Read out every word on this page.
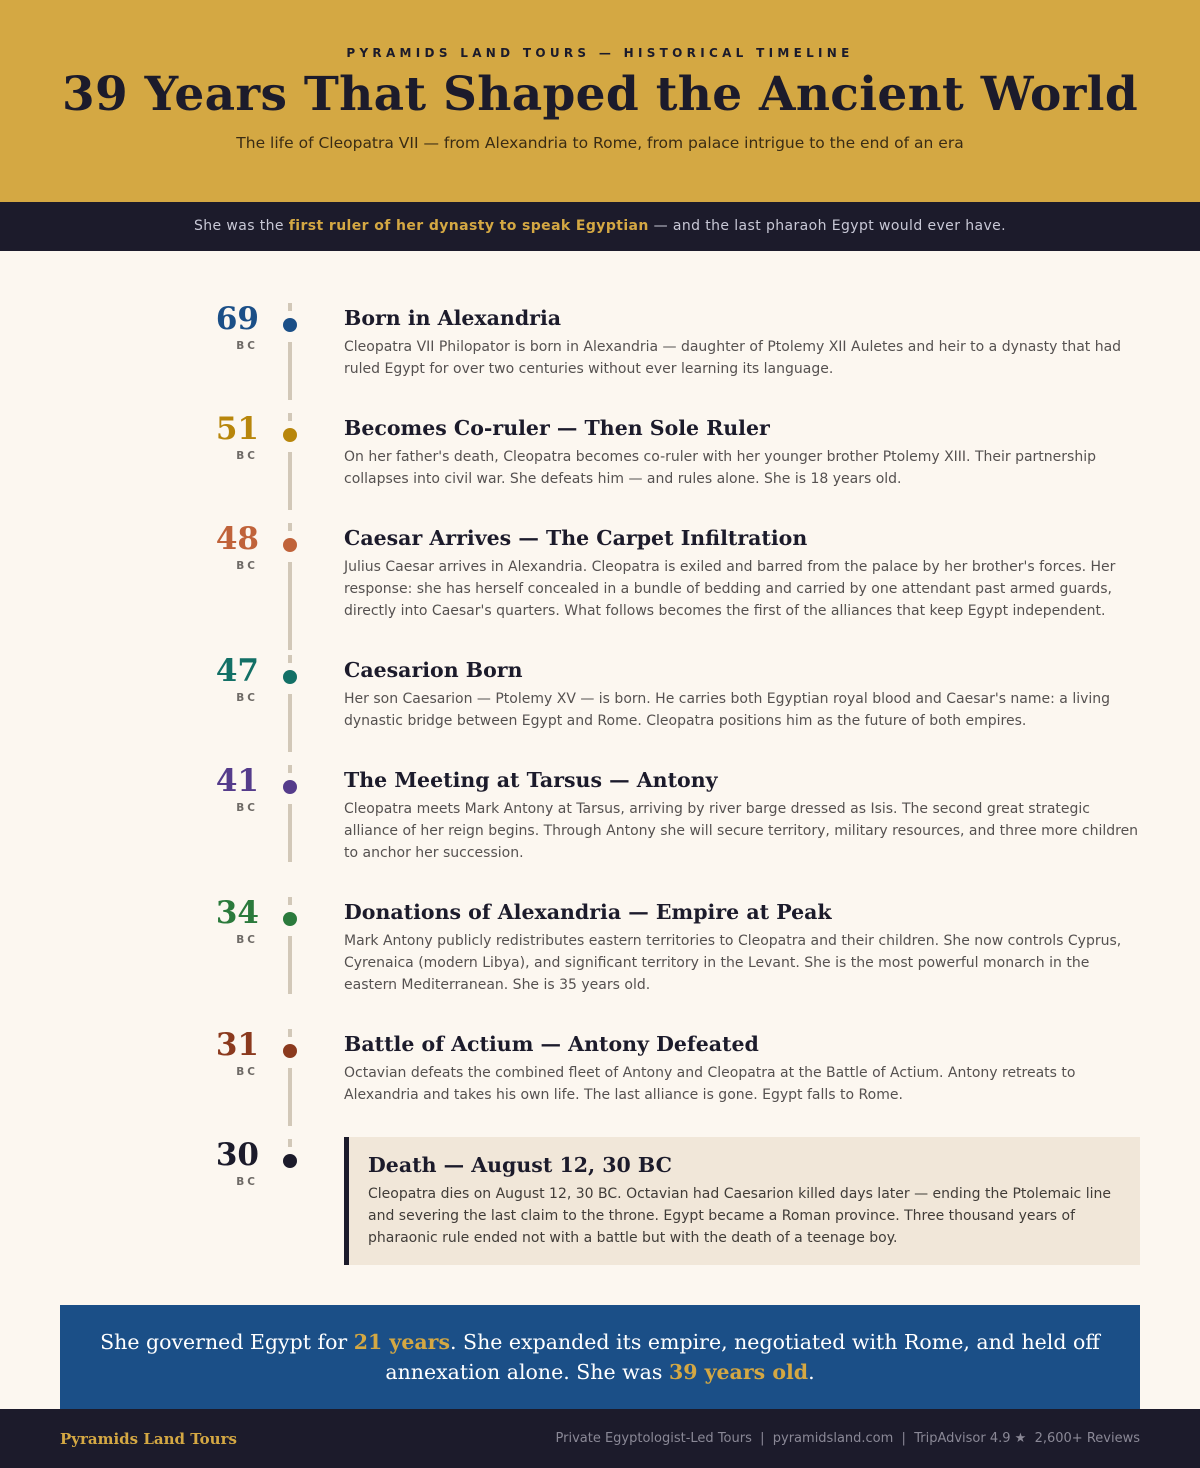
PYRAMIDS LAND TOURS — HISTORICAL TIMELINE
39 Years That Shaped the Ancient World

The life of Cleopatra VII — from Alexandria to Rome, from palace intrigue to the end of an era

She was the first ruler of her dynasty to speak Egyptian — and the last pharaoh Egypt would ever have.
69
BC
Born in Alexandria

Cleopatra VII Philopator is born in Alexandria — daughter of Ptolemy XII Auletes and heir to a dynasty that had ruled Egypt for over two centuries without ever learning its language.

51
BC
Becomes Co-ruler — Then Sole Ruler

On her father's death, Cleopatra becomes co-ruler with her younger brother Ptolemy XIII. Their partnership collapses into civil war. She defeats him — and rules alone. She is 18 years old.

48
BC
Caesar Arrives — The Carpet Infiltration

Julius Caesar arrives in Alexandria. Cleopatra is exiled and barred from the palace by her brother's forces. Her response: she has herself concealed in a bundle of bedding and carried by one attendant past armed guards, directly into Caesar's quarters. What follows becomes the first of the alliances that keep Egypt independent.

47
BC
Caesarion Born

Her son Caesarion — Ptolemy XV — is born. He carries both Egyptian royal blood and Caesar's name: a living dynastic bridge between Egypt and Rome. Cleopatra positions him as the future of both empires.

41
BC
The Meeting at Tarsus — Antony

Cleopatra meets Mark Antony at Tarsus, arriving by river barge dressed as Isis. The second great strategic alliance of her reign begins. Through Antony she will secure territory, military resources, and three more children to anchor her succession.

34
BC
Donations of Alexandria — Empire at Peak

Mark Antony publicly redistributes eastern territories to Cleopatra and their children. She now controls Cyprus, Cyrenaica (modern Libya), and significant territory in the Levant. She is the most powerful monarch in the eastern Mediterranean. She is 35 years old.

31
BC
Battle of Actium — Antony Defeated

Octavian defeats the combined fleet of Antony and Cleopatra at the Battle of Actium. Antony retreats to Alexandria and takes his own life. The last alliance is gone. Egypt falls to Rome.

30
BC
Death — August 12, 30 BC

Cleopatra dies on August 12, 30 BC. Octavian had Caesarion killed days later — ending the Ptolemaic line and severing the last claim to the throne. Egypt became a Roman province. Three thousand years of pharaonic rule ended not with a battle but with the death of a teenage boy.

She governed Egypt for 21 years. She expanded its empire, negotiated with Rome, and held off annexation alone. She was 39 years old.

Pyramids Land Tours	Private Egyptologist-Led Tours  |  pyramidsland.com  |  TripAdvisor 4.9 ★  2,600+ Reviews
